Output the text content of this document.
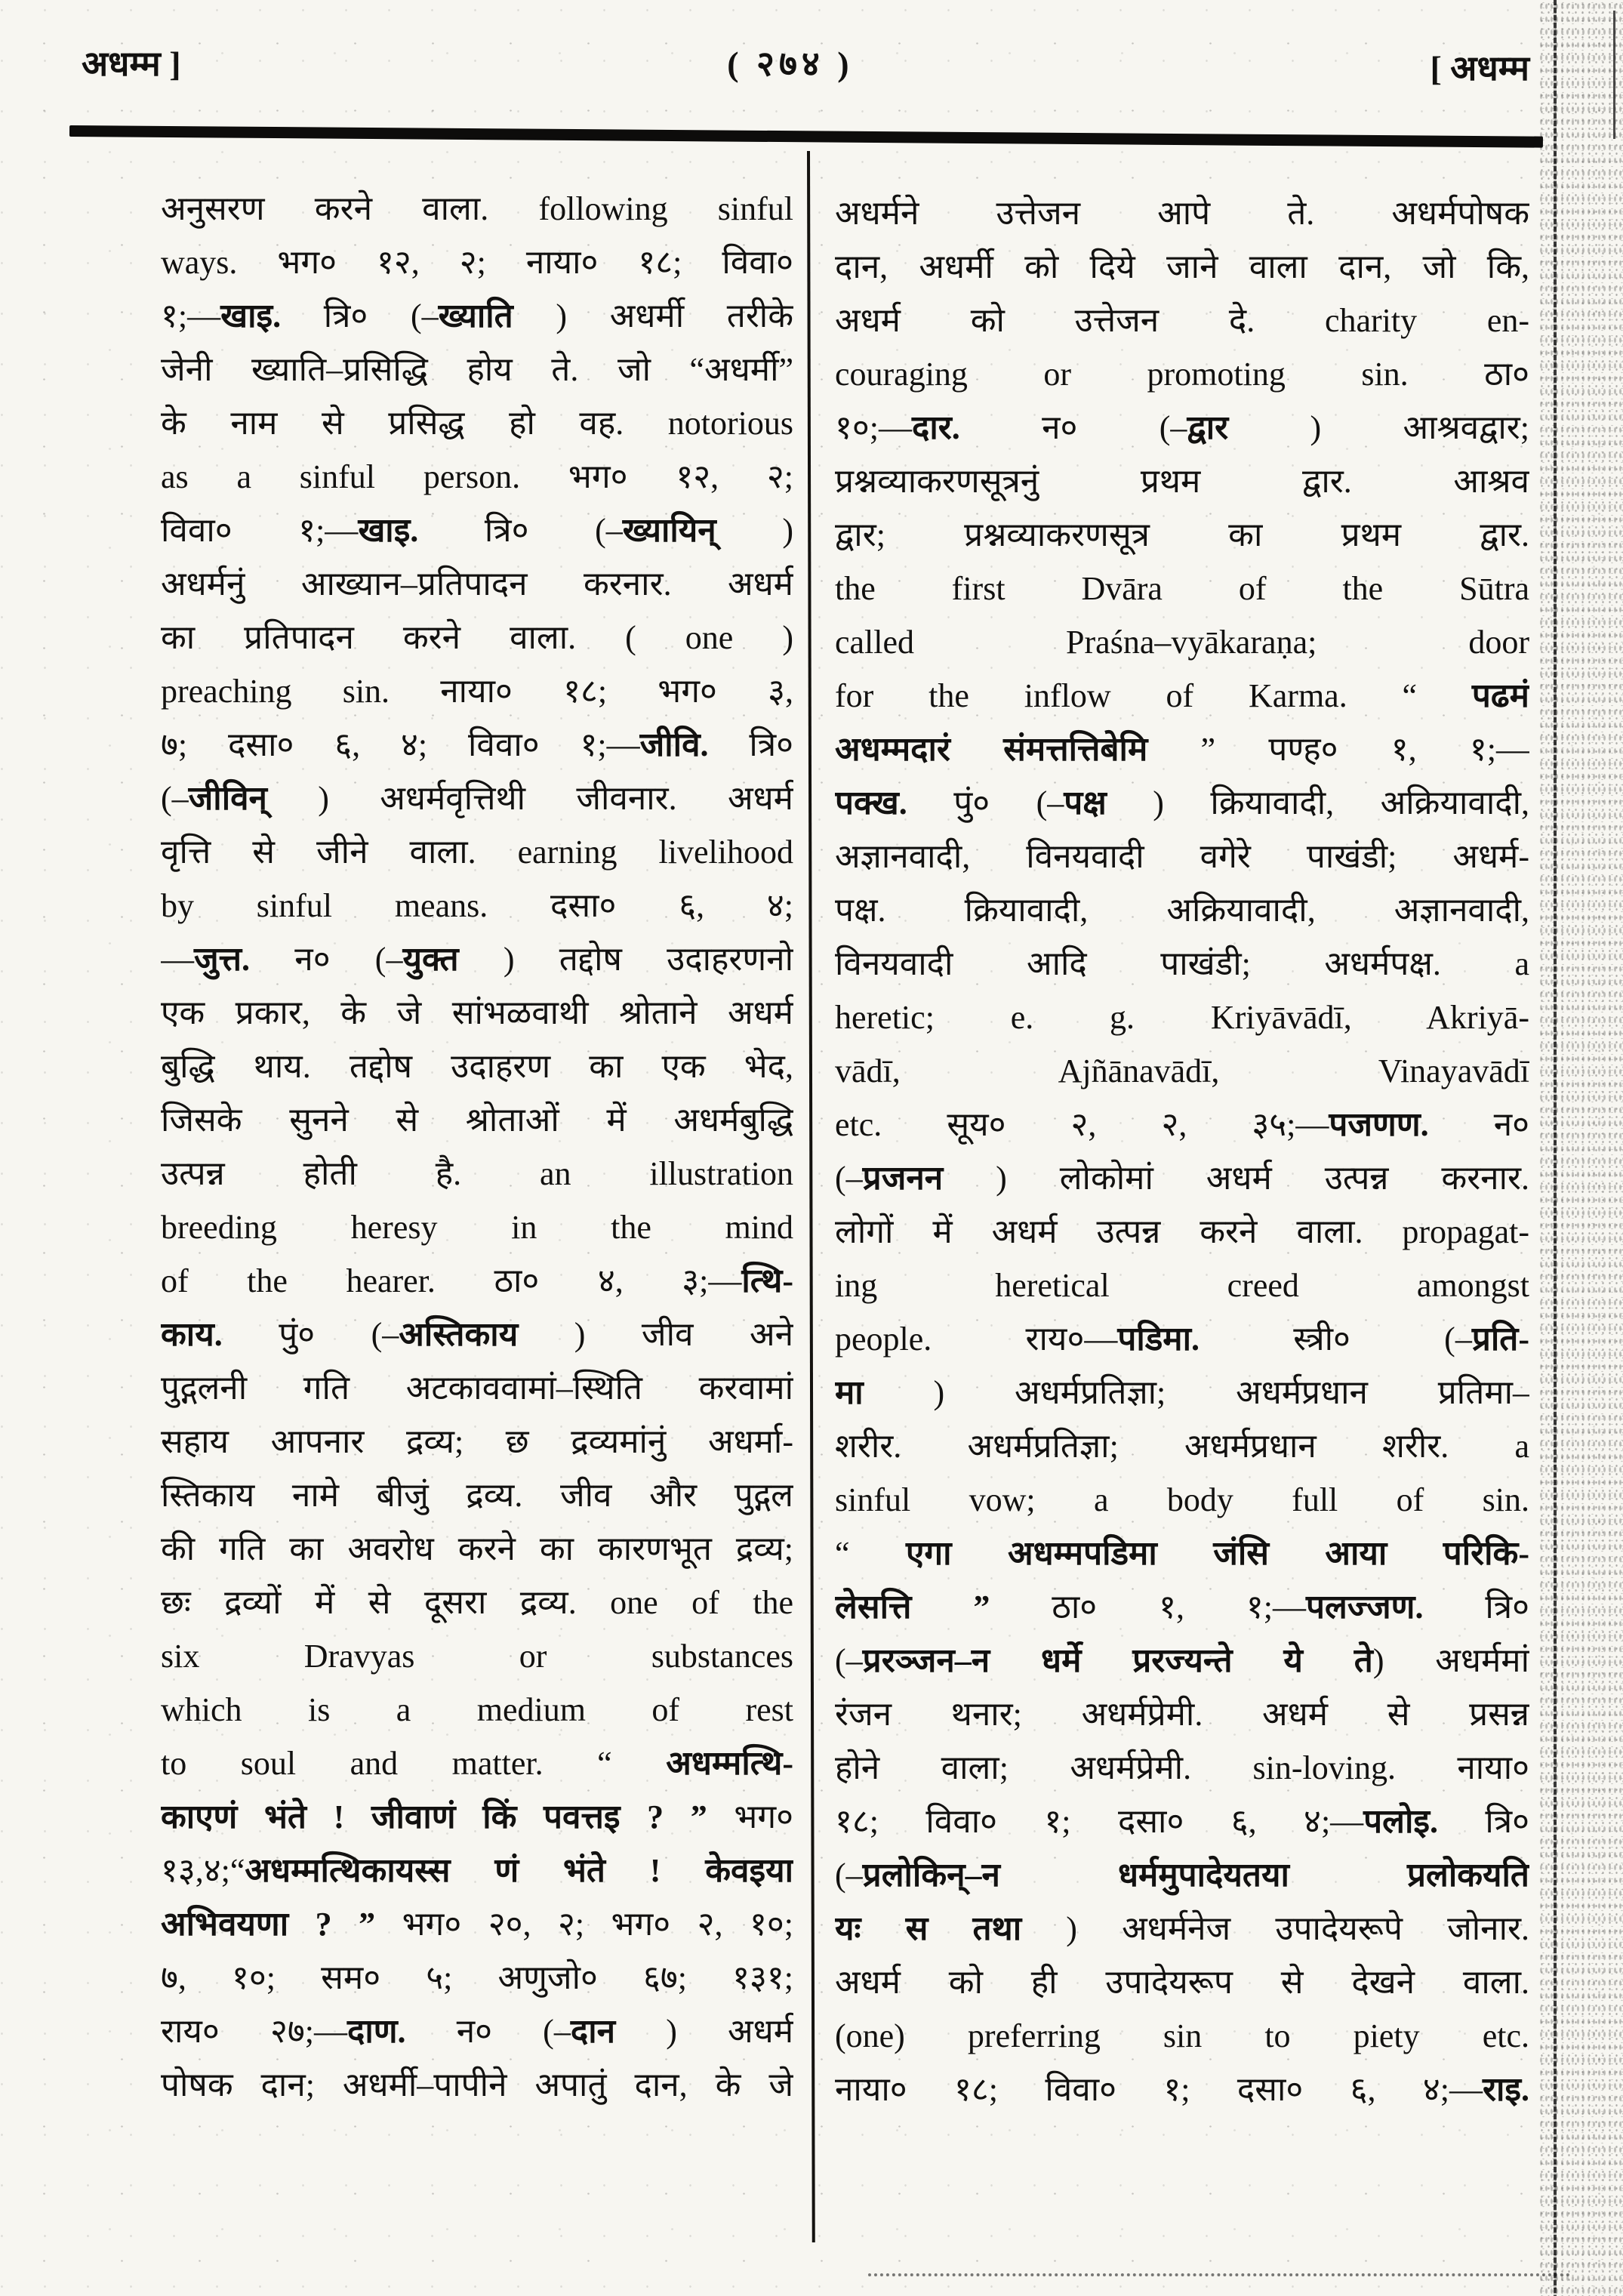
अधम्म ]	( २७४ )	[ अधम्म
अनुसरण करने वाला. following sinful
ways. भग० १२, २; नाया० १८; विवा०
१;—खाइ. त्रि० (–ख्याति ) अधर्मी तरीके
जेनी ख्याति–प्रसिद्धि होय ते. जो “अधर्मी”
के नाम से प्रसिद्ध हो वह. notorious
as a sinful person. भग० १२, २;
विवा० १;—खाइ. त्रि० (–ख्यायिन् )
अधर्मनुं आख्यान–प्रतिपादन करनार. अधर्म
का प्रतिपादन करने वाला. ( one )
preaching sin. नाया० १८; भग० ३,
७; दसा० ६, ४; विवा० १;—जीवि. त्रि०
(–जीविन् ) अधर्मवृत्तिथी जीवनार. अधर्म
वृत्ति से जीने वाला. earning livelihood
by sinful means. दसा० ६, ४;
—जुत्त. न० (–युक्त ) तद्दोष उदाहरणनो
एक प्रकार, के जे सांभळवाथी श्रोताने अधर्म
बुद्धि थाय. तद्दोष उदाहरण का एक भेद,
जिसके सुनने से श्रोताओं में अधर्मबुद्धि
उत्पन्न होती है. an illustration
breeding heresy in the mind
of the hearer. ठा० ४, ३;—त्थि-
काय. पुं० (–अस्तिकाय ) जीव अने
पुद्गलनी गति अटकाववामां–स्थिति करवामां
सहाय आपनार द्रव्य; छ द्रव्यमांनुं अधर्मा-
स्तिकाय नामे बीजुं द्रव्य. जीव और पुद्गल
की गति का अवरोध करने का कारणभूत द्रव्य;
छः द्रव्यों में से दूसरा द्रव्य. one of the
six Dravyas or substances
which is a medium of rest
to soul and matter. “ अधम्मत्थि-
काएणं भंते ! जीवाणं किं पवत्तइ ? ” भग०
१३,४;“अधम्मत्थिकायस्स णं भंते ! केवइया
अभिवयणा ? ” भग० २०, २; भग० २, १०;
७, १०; सम० ५; अणुजो० ६७; १३१;
राय० २७;—दाण. न० (–दान ) अधर्म
पोषक दान; अधर्मी–पापीने अपातुं दान, के जे
अधर्मने उत्तेजन आपे ते. अधर्मपोषक
दान, अधर्मी को दिये जाने वाला दान, जो कि,
अधर्म को उत्तेजन दे. charity en-
couraging or promoting sin. ठा०
१०;—दार. न० (–द्वार ) आश्रवद्वार;
प्रश्नव्याकरणसूत्रनुं प्रथम द्वार. आश्रव
द्वार; प्रश्नव्याकरणसूत्र का प्रथम द्वार.
the first Dvāra of the Sūtra
called Praśna–vyākaraṇa; door
for the inflow of Karma. “ पढमं
अधम्मदारं संमत्तत्तिबेमि ” पण्ह० १, १;—
पक्ख. पुं० (–पक्ष ) क्रियावादी, अक्रियावादी,
अज्ञानवादी, विनयवादी वगेरे पाखंडी; अधर्म-
पक्ष. क्रियावादी, अक्रियावादी, अज्ञानवादी,
विनयवादी आदि पाखंडी; अधर्मपक्ष. a
heretic; e. g. Kriyāvādī, Akriyā-
vādī, Ajñānavādī, Vinayavādī
etc. सूय० २, २, ३५;—पजणण. न०
(–प्रजनन ) लोकोमां अधर्म उत्पन्न करनार.
लोगों में अधर्म उत्पन्न करने वाला. propagat-
ing heretical creed amongst
people. राय०—पडिमा. स्त्री० (–प्रति-
मा ) अधर्मप्रतिज्ञा; अधर्मप्रधान प्रतिमा–
शरीर. अधर्मप्रतिज्ञा; अधर्मप्रधान शरीर. a
sinful vow; a body full of sin.
“ एगा अधम्मपडिमा जंसि आया परिकि-
लेसत्ति ” ठा० १, १;—पलज्जण. त्रि०
(–प्ररञ्जन–न धर्मे प्ररज्यन्ते ये ते) अधर्ममां
रंजन थनार; अधर्मप्रेमी. अधर्म से प्रसन्न
होने वाला; अधर्मप्रेमी. sin-loving. नाया०
१८; विवा० १; दसा० ६, ४;—पलोइ. त्रि०
(–प्रलोकिन्–न धर्ममुपादेयतया प्रलोकयति
यः स तथा ) अधर्मनेज उपादेयरूपे जोनार.
अधर्म को ही उपादेयरूप से देखने वाला.
(one) preferring sin to piety etc.
नाया० १८; विवा० १; दसा० ६, ४;—राइ.
